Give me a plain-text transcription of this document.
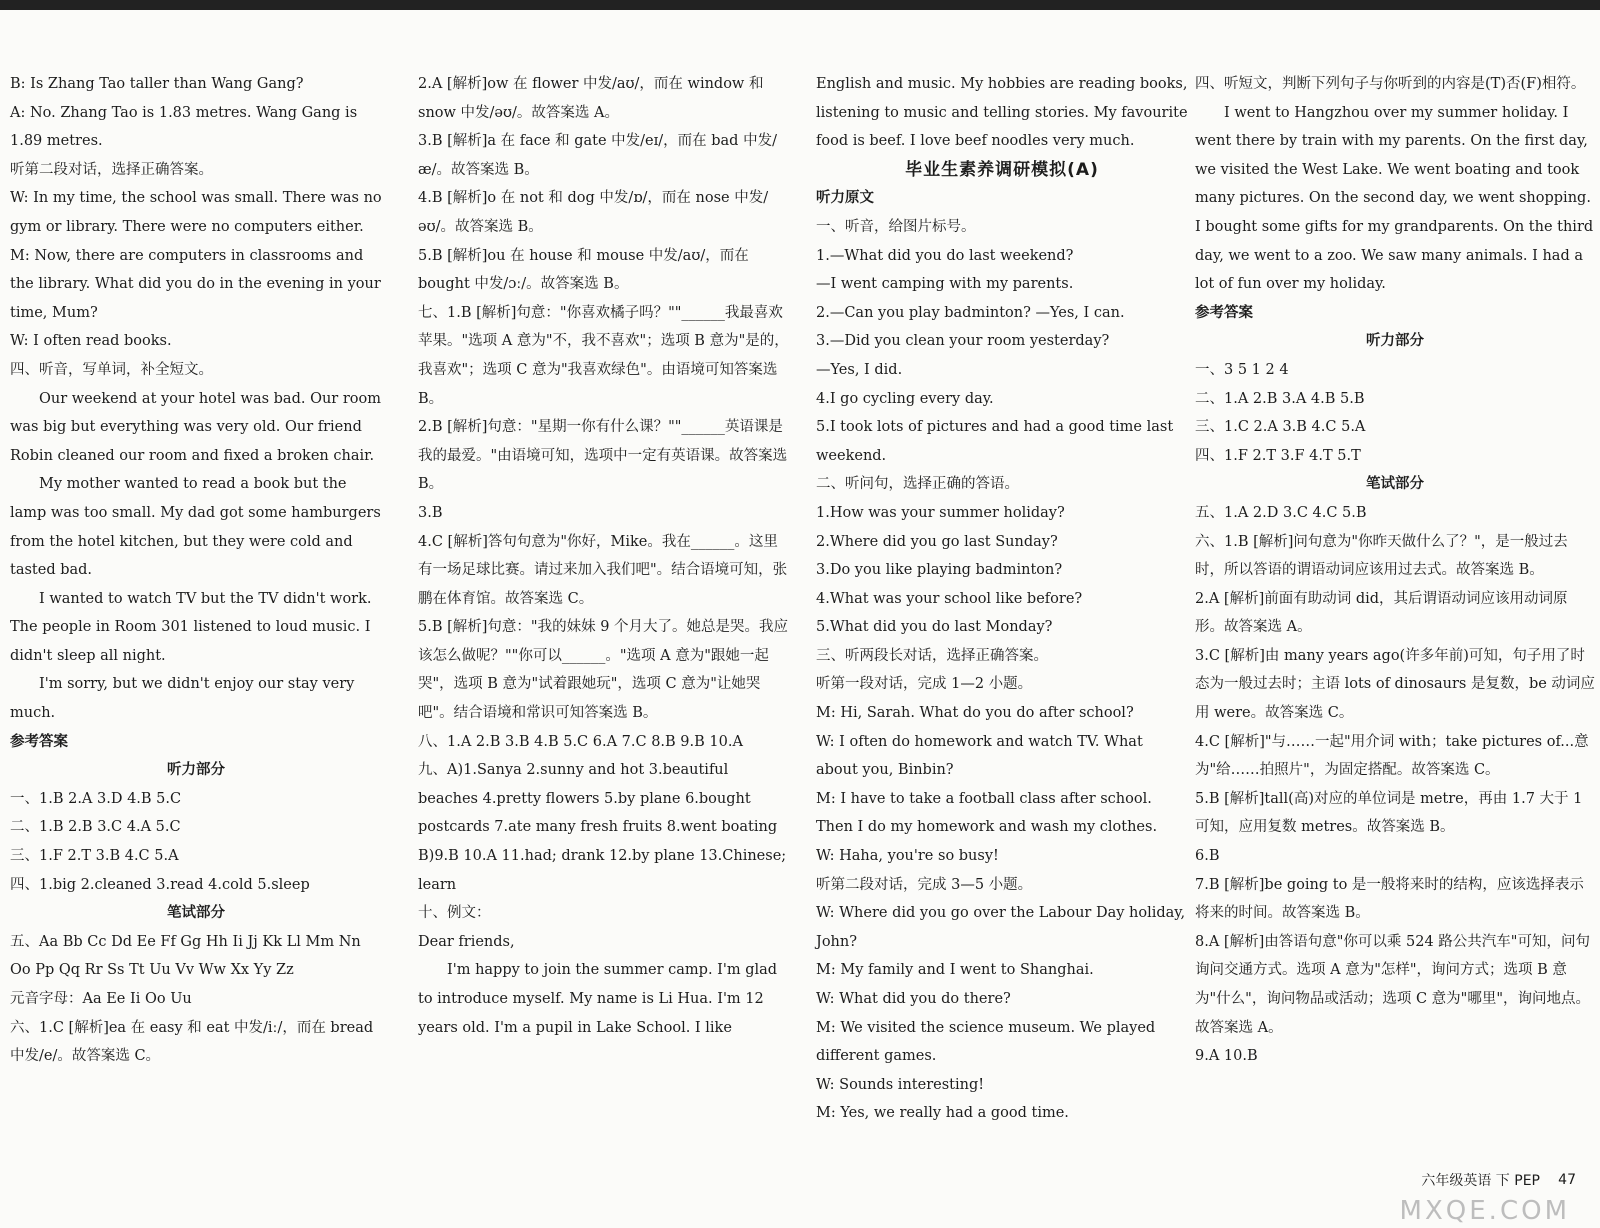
B: Is Zhang Tao taller than Wang Gang?

A: No. Zhang Tao is 1.83 metres. Wang Gang is 1.89 metres.

听第二段对话，选择正确答案。

W: In my time, the school was small. There was no gym or library. There were no computers either.

M: Now, there are computers in classrooms and the library. What did you do in the evening in your time, Mum?

W: I often read books.

四、听音，写单词，补全短文。

Our weekend at your hotel was bad. Our room was big but everything was very old. Our friend Robin cleaned our room and fixed a broken chair.

My mother wanted to read a book but the lamp was too small. My dad got some hamburgers from the hotel kitchen, but they were cold and tasted bad.

I wanted to watch TV but the TV didn't work. The people in Room 301 listened to loud music. I didn't sleep all night.

I'm sorry, but we didn't enjoy our stay very much.

参考答案

听力部分

一、1.B 2.A 3.D 4.B 5.C

二、1.B 2.B 3.C 4.A 5.C

三、1.F 2.T 3.B 4.C 5.A

四、1.big 2.cleaned 3.read 4.cold 5.sleep

笔试部分

五、Aa Bb Cc Dd Ee Ff Gg Hh Ii Jj Kk Ll Mm Nn Oo Pp Qq Rr Ss Tt Uu Vv Ww Xx Yy Zz

元音字母：Aa Ee Ii Oo Uu

六、1.C [解析]ea 在 easy 和 eat 中发/iː/，而在 bread 中发/e/。故答案选 C。

2.A [解析]ow 在 flower 中发/aʊ/，而在 window 和 snow 中发/əʊ/。故答案选 A。

3.B [解析]a 在 face 和 gate 中发/eɪ/，而在 bad 中发/æ/。故答案选 B。

4.B [解析]o 在 not 和 dog 中发/ɒ/，而在 nose 中发/əʊ/。故答案选 B。

5.B [解析]ou 在 house 和 mouse 中发/aʊ/，而在 bought 中发/ɔː/。故答案选 B。

七、1.B [解析]句意："你喜欢橘子吗？""______我最喜欢苹果。"选项 A 意为"不，我不喜欢"；选项 B 意为"是的，我喜欢"；选项 C 意为"我喜欢绿色"。由语境可知答案选 B。

2.B [解析]句意："星期一你有什么课？""______英语课是我的最爱。"由语境可知，选项中一定有英语课。故答案选 B。

3.B

4.C [解析]答句句意为"你好，Mike。我在______。这里有一场足球比赛。请过来加入我们吧"。结合语境可知，张鹏在体育馆。故答案选 C。

5.B [解析]句意："我的妹妹 9 个月大了。她总是哭。我应该怎么做呢？""你可以______。"选项 A 意为"跟她一起哭"，选项 B 意为"试着跟她玩"，选项 C 意为"让她哭吧"。结合语境和常识可知答案选 B。

八、1.A 2.B 3.B 4.B 5.C 6.A 7.C 8.B 9.B 10.A

九、A)1.Sanya 2.sunny and hot 3.beautiful beaches 4.pretty flowers 5.by plane 6.bought postcards 7.ate many fresh fruits 8.went boating

B)9.B 10.A 11.had; drank 12.by plane 13.Chinese; learn

十、例文：

Dear friends,

I'm happy to join the summer camp. I'm glad to introduce myself. My name is Li Hua. I'm 12 years old. I'm a pupil in Lake School. I like

English and music. My hobbies are reading books, listening to music and telling stories. My favourite food is beef. I love beef noodles very much.

毕业生素养调研模拟(A)

听力原文

一、听音，给图片标号。

1.—What did you do last weekend?

—I went camping with my parents.

2.—Can you play badminton? —Yes, I can.

3.—Did you clean your room yesterday?

—Yes, I did.

4.I go cycling every day.

5.I took lots of pictures and had a good time last weekend.

二、听问句，选择正确的答语。

1.How was your summer holiday?

2.Where did you go last Sunday?

3.Do you like playing badminton?

4.What was your school like before?

5.What did you do last Monday?

三、听两段长对话，选择正确答案。

听第一段对话，完成 1—2 小题。

M: Hi, Sarah. What do you do after school?

W: I often do homework and watch TV. What about you, Binbin?

M: I have to take a football class after school. Then I do my homework and wash my clothes.

W: Haha, you're so busy!

听第二段对话，完成 3—5 小题。

W: Where did you go over the Labour Day holiday, John?

M: My family and I went to Shanghai.

W: What did you do there?

M: We visited the science museum. We played different games.

W: Sounds interesting!

M: Yes, we really had a good time.

四、听短文，判断下列句子与你听到的内容是(T)否(F)相符。

I went to Hangzhou over my summer holiday. I went there by train with my parents. On the first day, we visited the West Lake. We went boating and took many pictures. On the second day, we went shopping. I bought some gifts for my grandparents. On the third day, we went to a zoo. We saw many animals. I had a lot of fun over my holiday.

参考答案

听力部分

一、3 5 1 2 4

二、1.A 2.B 3.A 4.B 5.B

三、1.C 2.A 3.B 4.C 5.A

四、1.F 2.T 3.F 4.T 5.T

笔试部分

五、1.A 2.D 3.C 4.C 5.B

六、1.B [解析]问句意为"你昨天做什么了？"，是一般过去时，所以答语的谓语动词应该用过去式。故答案选 B。

2.A [解析]前面有助动词 did，其后谓语动词应该用动词原形。故答案选 A。

3.C [解析]由 many years ago(许多年前)可知，句子用了时态为一般过去时；主语 lots of dinosaurs 是复数，be 动词应用 were。故答案选 C。

4.C [解析]"与……一起"用介词 with；take pictures of...意为"给……拍照片"，为固定搭配。故答案选 C。

5.B [解析]tall(高)对应的单位词是 metre，再由 1.7 大于 1 可知，应用复数 metres。故答案选 B。

6.B

7.B [解析]be going to 是一般将来时的结构，应该选择表示将来的时间。故答案选 B。

8.A [解析]由答语句意"你可以乘 524 路公共汽车"可知，问句询问交通方式。选项 A 意为"怎样"，询问方式；选项 B 意为"什么"，询问物品或活动；选项 C 意为"哪里"，询问地点。故答案选 A。

9.A 10.B

六年级英语 下 PEP 47
MXQE.COM
